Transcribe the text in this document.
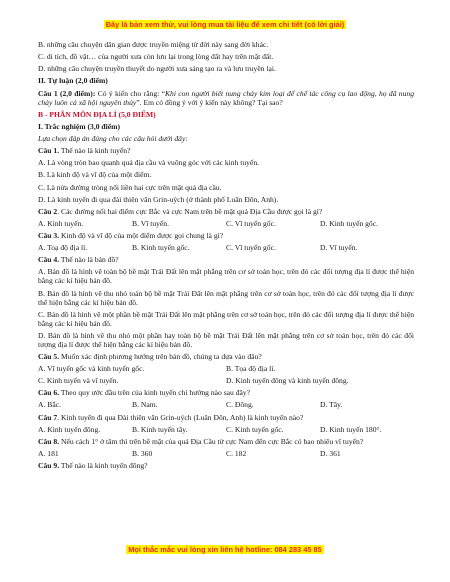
Đây là bản xem thử, vui lòng mua tài liệu để xem chi tiết (có lời giải)

B. những câu chuyện dân gian được truyền miệng từ đời này sang đời khác.

C. di tích, đồ vật… của người xưa còn lưu lại trong lòng đất hay trên mặt đất.

D. những câu chuyện truyền thuyết do người xưa sáng tạo ra và lưu truyền lại.

II. Tự luận (2,0 điểm)

Câu 1 (2,0 điểm): Có ý kiến cho rằng: “Khi con người biết nung chảy kim loại để chế tác công cụ lao động, họ đã nung chảy luôn cả xã hội nguyên thủy”. Em có đồng ý với ý kiến này không? Tại sao?

B - PHÂN MÔN ĐỊA LÍ (5,0 ĐIỂM)

I. Trắc nghiệm (3,0 điểm)

Lựa chọn đáp án đúng cho các câu hỏi dưới đây:

Câu 1. Thế nào là kinh tuyến?

A. Là vòng tròn bao quanh quả địa cầu và vuông góc với các kinh tuyến.

B. Là kinh độ và vĩ độ của một điểm.

C. Là nửa đường tròng nối liền hai cực trên mặt quả địa cầu.

D. Là kinh tuyến đi qua đài thiên văn Grin-uých (ở thành phố Luân Đôn, Anh).

Câu 2. Các đường nối hai điểm cực Bắc và cực Nam trên bề mặt quả Địa Cầu được gọi là gì?

A. Kinh tuyến.	B. Vĩ tuyến.	C. Vĩ tuyến gốc.	D. Kinh tuyến gốc.

Câu 3. Kinh độ và vĩ độ của một điểm được gọi chung là gì?

A. Toạ độ địa lí.	B. Kinh tuyến gốc.	C. Vĩ tuyến gốc.	D. Vĩ tuyến.

Câu 4. Thế nào là bản đồ?

A. Bản đồ là hình vẽ toàn bộ bề mặt Trái Đất lên mặt phẳng trên cơ sở toán học, trên đó các đối tượng địa lí được thể hiện bằng các kí hiệu bản đồ.

B. Bản đồ là hình vẽ thu nhỏ toàn bộ bề mặt Trái Đất lên mặt phẳng trên cơ sở toán học, trên đó các đối tượng địa lí được thể hiện bằng các kí hiệu bản đồ.

C. Bản đồ là hình vẽ một phần bề mặt Trái Đất lên mặt phẳng trên cơ sở toán học, trên đó các đối tượng địa lí được thể hiện bằng các kí hiệu bản đồ.

D. Bản đồ là hình vẽ thu nhỏ một phần hay toàn bộ bề mặt Trái Đất lên mặt phẳng trên cơ sở toán học, trên đó các đối tượng địa lí được thể hiện bằng các kí hiệu bản đồ.

Câu 5. Muốn xác định phương hướng trên bản đồ, chúng ta dựa vào đâu?

A. Vĩ tuyến gốc và kinh tuyến gốc.	B. Tọa độ địa lí.
C. Kinh tuyến và vĩ tuyến.	D. Kinh tuyến đông và kinh tuyến đông.

Câu 6. Theo quy ước đầu trên của kinh tuyến chỉ hướng nào sau đây?

A. Bắc.	B. Nam.	C. Đông.	D. Tây.

Câu 7. Kinh tuyến đi qua Đài thiên văn Grin-uých (Luân Đôn, Anh) là kinh tuyến nào?

A. Kinh tuyến đông.	B. Kinh tuyến tây.	C. Kinh tuyến gốc.	D. Kinh tuyến 180°.

Câu 8. Nếu cách 1° ở tâm thì trên bề mặt của quả Địa Cầu từ cực Nam đến cực Bắc có bao nhiêu vĩ tuyến?

A. 181	B. 360	C. 182	D. 361

Câu 9. Thế nào là kinh tuyến đông?

Mọi thắc mắc vui lòng xin liên hệ hotline: 084 283 45 85
